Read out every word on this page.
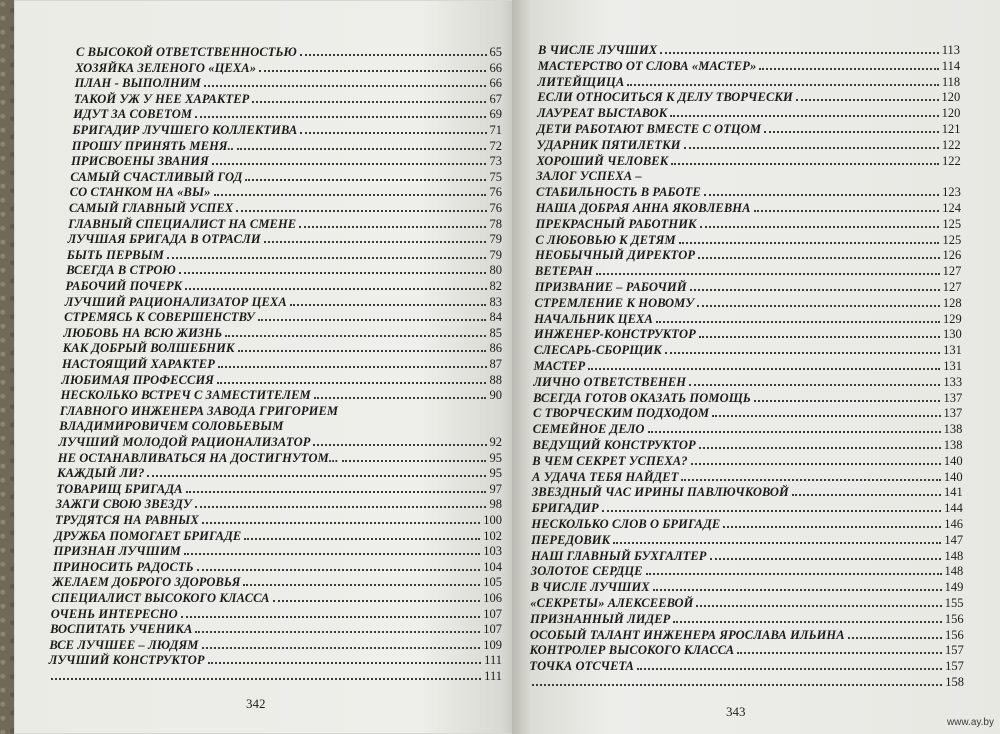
С ВЫСОКОЙ ОТВЕТСТВЕННОСТЬЮ	65
ХОЗЯЙКА ЗЕЛЕНОГО «ЦЕХА»	66
ПЛАН - ВЫПОЛНИМ	66
ТАКОЙ УЖ У НЕЕ ХАРАКТЕР	67
ИДУТ ЗА СОВЕТОМ	69
БРИГАДИР ЛУЧШЕГО КОЛЛЕКТИВА	71
ПРОШУ ПРИНЯТЬ МЕНЯ..	72
ПРИСВОЕНЫ ЗВАНИЯ	73
САМЫЙ СЧАСТЛИВЫЙ ГОД	75
СО СТАНКОМ НА «ВЫ»	76
САМЫЙ ГЛАВНЫЙ УСПЕХ	76
ГЛАВНЫЙ СПЕЦИАЛИСТ НА СМЕНЕ	78
ЛУЧШАЯ БРИГАДА В ОТРАСЛИ	79
БЫТЬ ПЕРВЫМ	79
ВСЕГДА В СТРОЮ	80
РАБОЧИЙ ПОЧЕРК	82
ЛУЧШИЙ РАЦИОНАЛИЗАТОР ЦЕХА	83
СТРЕМЯСЬ К СОВЕРШЕНСТВУ	84
ЛЮБОВЬ НА ВСЮ ЖИЗНЬ	85
КАК ДОБРЫЙ ВОЛШЕБНИК	86
НАСТОЯЩИЙ ХАРАКТЕР	87
ЛЮБИМАЯ ПРОФЕССИЯ	88
НЕСКОЛЬКО ВСТРЕЧ С ЗАМЕСТИТЕЛЕМ	90
ГЛАВНОГО ИНЖЕНЕРА ЗАВОДА ГРИГОРИЕМ
ВЛАДИМИРОВИЧЕМ СОЛОВЬЕВЫМ
ЛУЧШИЙ МОЛОДОЙ РАЦИОНАЛИЗАТОР	92
НЕ ОСТАНАВЛИВАТЬСЯ НА ДОСТИГНУТОМ...	95
КАЖДЫЙ ЛИ?	95
ТОВАРИЩ БРИГАДА	97
ЗАЖГИ СВОЮ ЗВЕЗДУ	98
ТРУДЯТСЯ НА РАВНЫХ	100
ДРУЖБА ПОМОГАЕТ БРИГАДЕ	102
ПРИЗНАН ЛУЧШИМ	103
ПРИНОСИТЬ РАДОСТЬ	104
ЖЕЛАЕМ ДОБРОГО ЗДОРОВЬЯ	105
СПЕЦИАЛИСТ ВЫСОКОГО КЛАССА	106
ОЧЕНЬ ИНТЕРЕСНО	107
ВОСПИТАТЬ УЧЕНИКА	107
ВСЕ ЛУЧШЕЕ – ЛЮДЯМ	109
ЛУЧШИЙ КОНСТРУКТОР	111
111
342
В ЧИСЛЕ ЛУЧШИХ	113
МАСТЕРСТВО ОТ СЛОВА «МАСТЕР»	114
ЛИТЕЙЩИЦА	118
ЕСЛИ ОТНОСИТЬСЯ К ДЕЛУ ТВОРЧЕСКИ	120
ЛАУРЕАТ ВЫСТАВОК	120
ДЕТИ РАБОТАЮТ ВМЕСТЕ С ОТЦОМ	121
УДАРНИК ПЯТИЛЕТКИ	122
ХОРОШИЙ ЧЕЛОВЕК	122
ЗАЛОГ УСПЕХА –
СТАБИЛЬНОСТЬ В РАБОТЕ	123
НАША ДОБРАЯ АННА ЯКОВЛЕВНА	124
ПРЕКРАСНЫЙ РАБОТНИК	125
С ЛЮБОВЬЮ К ДЕТЯМ	125
НЕОБЫЧНЫЙ ДИРЕКТОР	126
ВЕТЕРАН	127
ПРИЗВАНИЕ – РАБОЧИЙ	127
СТРЕМЛЕНИЕ К НОВОМУ	128
НАЧАЛЬНИК ЦЕХА	129
ИНЖЕНЕР-КОНСТРУКТОР	130
СЛЕСАРЬ-СБОРЩИК	131
МАСТЕР	131
ЛИЧНО ОТВЕТСТВЕНЕН	133
ВСЕГДА ГОТОВ ОКАЗАТЬ ПОМОЩЬ	137
С ТВОРЧЕСКИМ ПОДХОДОМ	137
СЕМЕЙНОЕ ДЕЛО	138
ВЕДУЩИЙ КОНСТРУКТОР	138
В ЧЕМ СЕКРЕТ УСПЕХА?	140
А УДАЧА ТЕБЯ НАЙДЕТ	140
ЗВЕЗДНЫЙ ЧАС ИРИНЫ ПАВЛЮЧКОВОЙ	141
БРИГАДИР	144
НЕСКОЛЬКО СЛОВ О БРИГАДЕ	146
ПЕРЕДОВИК	147
НАШ ГЛАВНЫЙ БУХГАЛТЕР	148
ЗОЛОТОЕ СЕРДЦЕ	148
В ЧИСЛЕ ЛУЧШИХ	149
«СЕКРЕТЫ» АЛЕКСЕЕВОЙ	155
ПРИЗНАННЫЙ ЛИДЕР	156
ОСОБЫЙ ТАЛАНТ ИНЖЕНЕРА ЯРОСЛАВА ИЛЬИНА	156
КОНТРОЛЕР ВЫСОКОГО КЛАССА	157
ТОЧКА ОТСЧЕТА	157
158
343
www.ay.by
